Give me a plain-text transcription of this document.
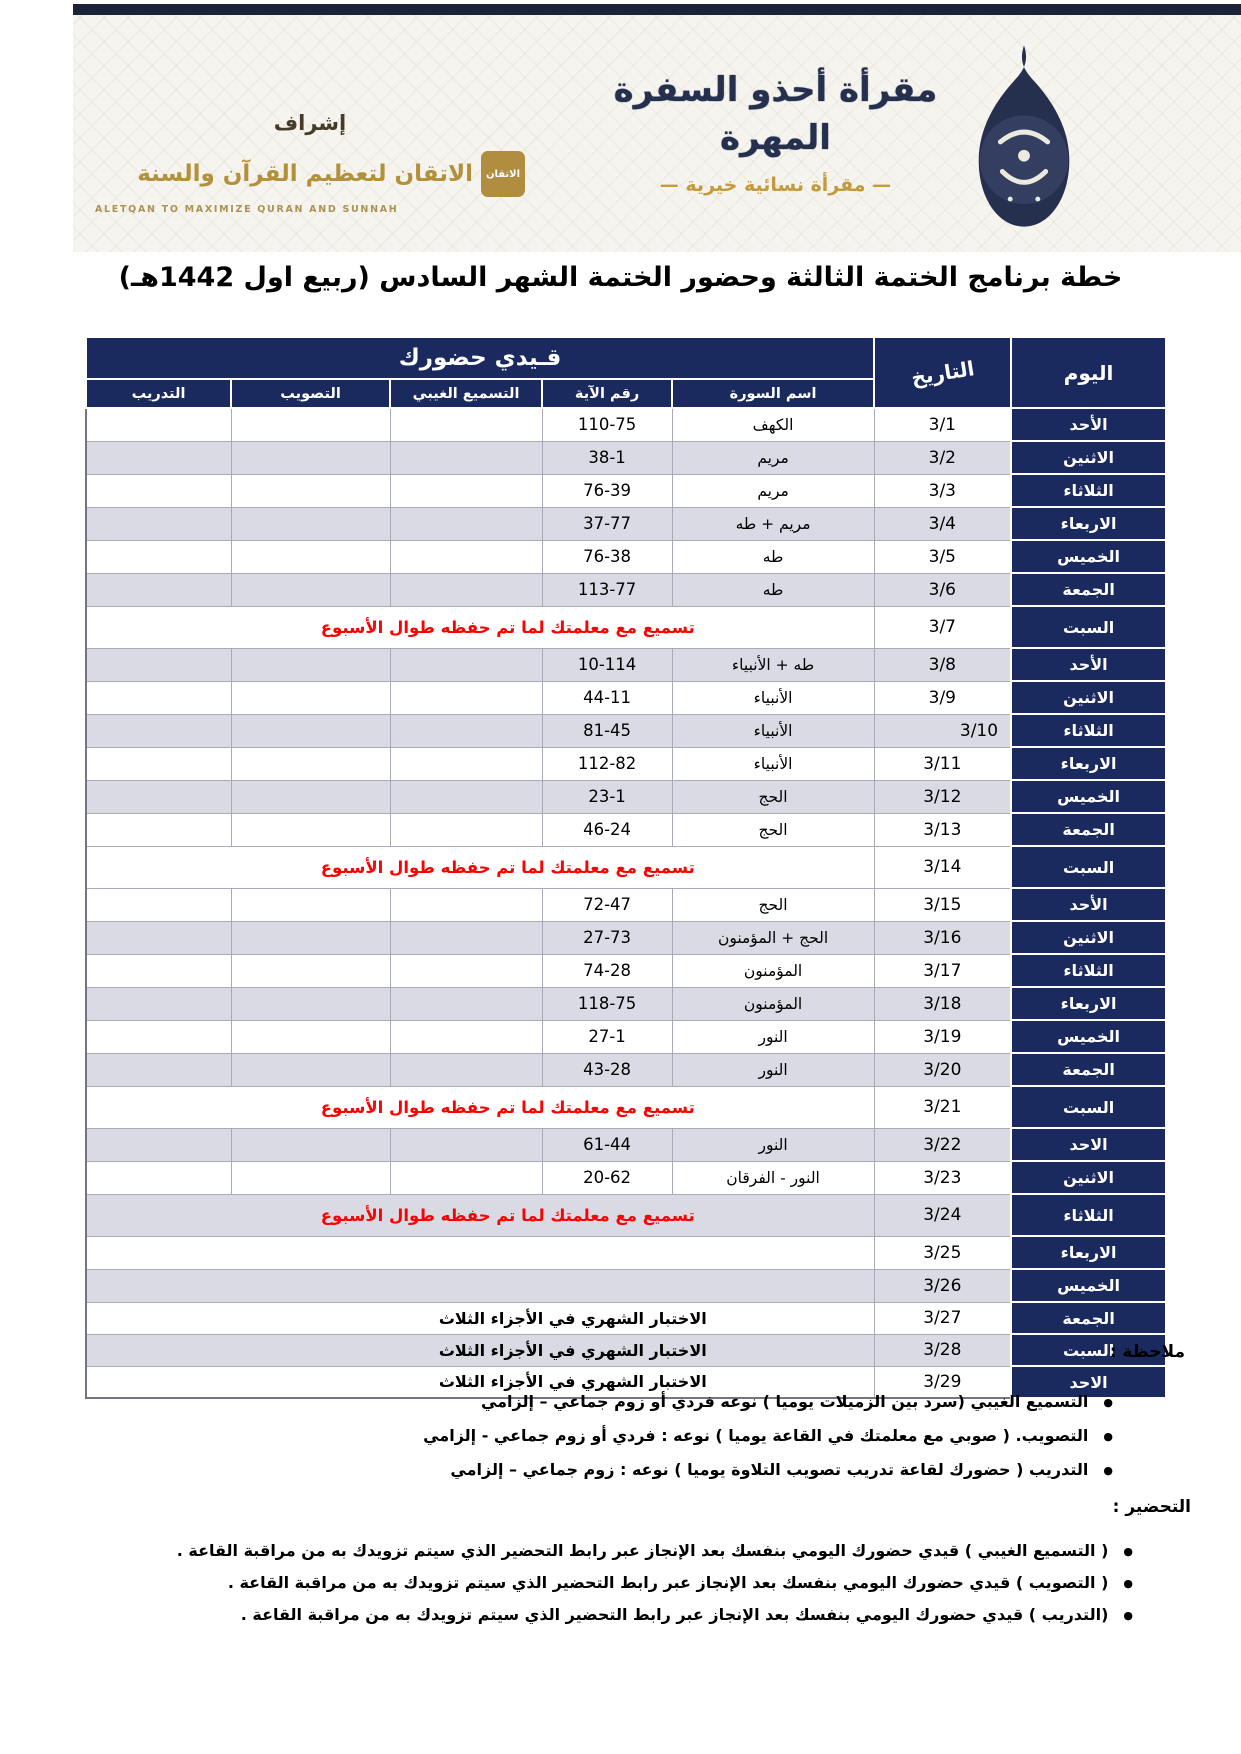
مقرأة أحذو السفرة المهرة
— مقرأة نسائية خيرية —
إشراف
الاتقان
الاتقان لتعظيم القرآن والسنة
ALETQAN TO MAXIMIZE QURAN AND SUNNAH
خطة برنامج الختمة الثالثة وحضور الختمة الشهر السادس (ربيع اول 1442هـ)
اليوم	التاريخ	قـيدي حضورك				
		اسم السورة	رقم الآية	التسميع الغيبي	التصويب	التدريب
الأحد	3/1	الكهف	110-75			
الاثنين	3/2	مريم	38-1			
الثلاثاء	3/3	مريم	76-39			
الاربعاء	3/4	مريم + طه	37-77			
الخميس	3/5	طه	76-38			
الجمعة	3/6	طه	113-77			
السبت	3/7	تسميع مع معلمتك لما تم حفظه طوال الأسبوع				
الأحد	3/8	طه + الأنبياء	10-114			
الاثنين	3/9	الأنبياء	44-11			
الثلاثاء	3/10	الأنبياء	81-45			
الاربعاء	3/11	الأنبياء	112-82			
الخميس	3/12	الحج	23-1			
الجمعة	3/13	الحج	46-24			
السبت	3/14	تسميع مع معلمتك لما تم حفظه طوال الأسبوع				
الأحد	3/15	الحج	72-47			
الاثنين	3/16	الحج + المؤمنون	27-73			
الثلاثاء	3/17	المؤمنون	74-28			
الاربعاء	3/18	المؤمنون	118-75			
الخميس	3/19	النور	27-1			
الجمعة	3/20	النور	43-28			
السبت	3/21	تسميع مع معلمتك لما تم حفظه طوال الأسبوع				
الاحد	3/22	النور	61-44			
الاثنين	3/23	النور - الفرقان	20-62			
الثلاثاء	3/24	تسميع مع معلمتك لما تم حفظه طوال الأسبوع				
الاربعاء	3/25					
الخميس	3/26					
الجمعة	3/27	الاختبار الشهري في الأجزاء الثلاث				
السبت	3/28	الاختبار الشهري في الأجزاء الثلاث				
الاحد	3/29	الاختبار الشهري في الأجزاء الثلاث				
ملاحظة :
●
التسميع الغيبي (سرد بين الزميلات يوميا ) نوعه فردي أو زوم جماعي – إلزامي
●
التصويب. ( صوبي مع معلمتك في القاعة يوميا ) نوعه : فردي أو زوم جماعي - إلزامي
●
التدريب ( حضورك لقاعة تدريب تصويب التلاوة يوميا ) نوعه : زوم جماعي – إلزامي
التحضير :
●
( التسميع الغيبي ) قيدي حضورك اليومي بنفسك بعد الإنجاز عبر رابط التحضير الذي سيتم تزويدك به من مراقبة القاعة .
●
( التصويب ) قيدي حضورك اليومي بنفسك بعد الإنجاز عبر رابط التحضير الذي سيتم تزويدك به من مراقبة القاعة .
●
(التدريب ) قيدي حضورك اليومي بنفسك بعد الإنجاز عبر رابط التحضير الذي سيتم تزويدك به من مراقبة القاعة .
